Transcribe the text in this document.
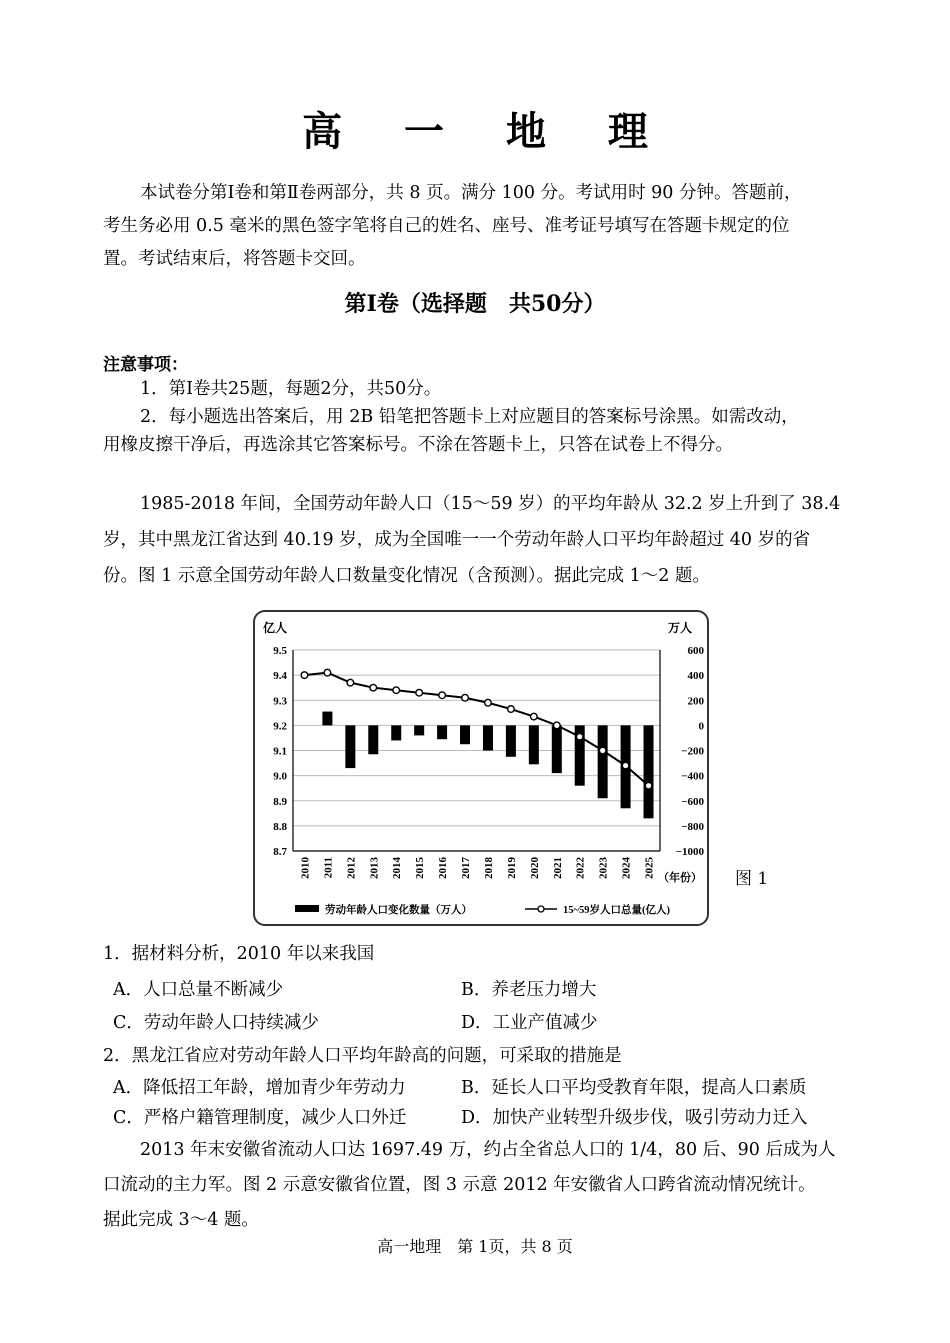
高 一 地 理
本试卷分第Ⅰ卷和第Ⅱ卷两部分，共 8 页。满分 100 分。考试用时 90 分钟。答题前，
考生务必用 0.5 毫米的黑色签字笔将自己的姓名、座号、准考证号填写在答题卡规定的位
置。考试结束后，将答题卡交回。
第Ⅰ卷（选择题　共50分）
注意事项：
1．第Ⅰ卷共25题，每题2分，共50分。
2．每小题选出答案后，用 2B 铅笔把答题卡上对应题目的答案标号涂黑。如需改动，
用橡皮擦干净后，再选涂其它答案标号。不涂在答题卡上，只答在试卷上不得分。
1985-2018 年间，全国劳动年龄人口（15～59 岁）的平均年龄从 32.2 岁上升到了 38.4
岁，其中黑龙江省达到 40.19 岁，成为全国唯一一个劳动年龄人口平均年龄超过 40 岁的省
份。图 1 示意全国劳动年龄人口数量变化情况（含预测）。据此完成 1～2 题。
9.5	600
9.4	400
9.3	200
9.2	0
9.1	−200
9.0	−400
8.9	−600
8.8	−800
8.7	−1000
亿人	万人
2010 2011 2012 2013 2014 2015 2016 2017 2018 2019 2020 2021 2022 2023 2024 2025 （年份）
劳动年龄人口变化数量（万人）	15~59岁人口总量(亿人)
图 1
1．据材料分析，2010 年以来我国
A．人口总量不断减少	B．养老压力增大
C．劳动年龄人口持续减少	D．工业产值减少
2．黑龙江省应对劳动年龄人口平均年龄高的问题，可采取的措施是
A．降低招工年龄，增加青少年劳动力	B．延长人口平均受教育年限，提高人口素质
C．严格户籍管理制度，减少人口外迁	D．加快产业转型升级步伐，吸引劳动力迁入
2013 年末安徽省流动人口达 1697.49 万，约占全省总人口的 1/4，80 后、90 后成为人
口流动的主力军。图 2 示意安徽省位置，图 3 示意 2012 年安徽省人口跨省流动情况统计。
据此完成 3～4 题。
高一地理　第 1页，共 8 页
